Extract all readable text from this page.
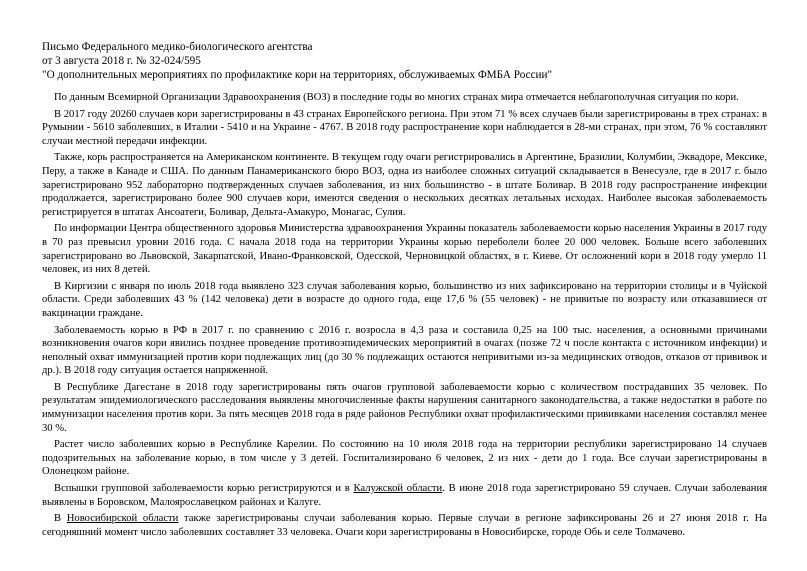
Письмо Федерального медико-биологического агентства
от 3 августа 2018 г. № 32-024/595
"О дополнительных мероприятиях по профилактике кори на территориях, обслуживаемых ФМБА России"

По данным Всемирной Организации Здравоохранения (ВОЗ) в последние годы во многих странах мира отмечается неблагополучная ситуация по кори.

В 2017 году 20260 случаев кори зарегистрированы в 43 странах Европейского региона. При этом 71 % всех случаев были зарегистрированы в трех странах: в Румынии - 5610 заболевших, в Италии - 5410 и на Украине - 4767. В 2018 году распространение кори наблюдается в 28-ми странах, при этом, 76 % составляют случаи местной передачи инфекции.

Также, корь распространяется на Американском континенте. В текущем году очаги регистрировались в Аргентине, Бразилии, Колумбии, Эквадоре, Мексике, Перу, а также в Канаде и США. По данным Панамериканского бюро ВОЗ, одна из наиболее сложных ситуаций складывается в Венесуэле, где в 2017 г. было зарегистрировано 952 лабораторно подтвержденных случаев заболевания, из них большинство - в штате Боливар. В 2018 году распространение инфекции продолжается, зарегистрировано более 900 случаев кори, имеются сведения о нескольких десятках летальных исходах. Наиболее высокая заболеваемость регистрируется в штатах Ансоатеги, Боливар, Дельта-Амакуро, Монагас, Сулия.

По информации Центра общественного здоровья Министерства здравоохранения Украины показатель заболеваемости корью населения Украины в 2017 году в 70 раз превысил уровни 2016 года. С начала 2018 года на территории Украины корью переболели более 20 000 человек. Больше всего заболевших зарегистрировано во Львовской, Закарпатской, Ивано-Франковской, Одесской, Черновицкой областях, в г. Киеве. От осложнений кори в 2018 году умерло 11 человек, из них 8 детей.

В Киргизии с января по июль 2018 года выявлено 323 случая заболевания корью, большинство из них зафиксировано на территории столицы и в Чуйской области. Среди заболевших 43 % (142 человека) дети в возрасте до одного года, еще 17,6 % (55 человек) - не привитые по возрасту или отказавшиеся от вакцинации граждане.

Заболеваемость корью в РФ в 2017 г. по сравнению с 2016 г. возросла в 4,3 раза и составила 0,25 на 100 тыс. населения, а основными причинами возникновения очагов кори явились позднее проведение противоэпидемических мероприятий в очагах (позже 72 ч после контакта с источником инфекции) и неполный охват иммунизацией против кори подлежащих лиц (до 30 % подлежащих остаются непривитыми из-за медицинских отводов, отказов от прививок и др.). В 2018 году ситуация остается напряженной.

В Республике Дагестане в 2018 году зарегистрированы пять очагов групповой заболеваемости корью с количеством пострадавших 35 человек. По результатам эпидемиологического расследования выявлены многочисленные факты нарушения санитарного законодательства, а также недостатки в работе по иммунизации населения против кори. За пять месяцев 2018 года в ряде районов Республики охват профилактическими прививками населения составлял менее 30 %.

Растет число заболевших корью в Республике Карелии. По состоянию на 10 июля 2018 года на территории республики зарегистрировано 14 случаев подозрительных на заболевание корью, в том числе у 3 детей. Госпитализировано 6 человек, 2 из них - дети до 1 года. Все случаи зарегистрированы в Олонецком районе.

Вспышки групповой заболеваемости корью регистрируются и в Калужской области. В июне 2018 года зарегистрировано 59 случаев. Случаи заболевания выявлены в Боровском, Малоярославецком районах и Калуге.

В Новосибирской области также зарегистрированы случаи заболевания корью. Первые случаи в регионе зафиксированы 26 и 27 июня 2018 г. На сегодняшний момент число заболевших составляет 33 человека. Очаги кори зарегистрированы в Новосибирске, городе Обь и селе Толмачево.
